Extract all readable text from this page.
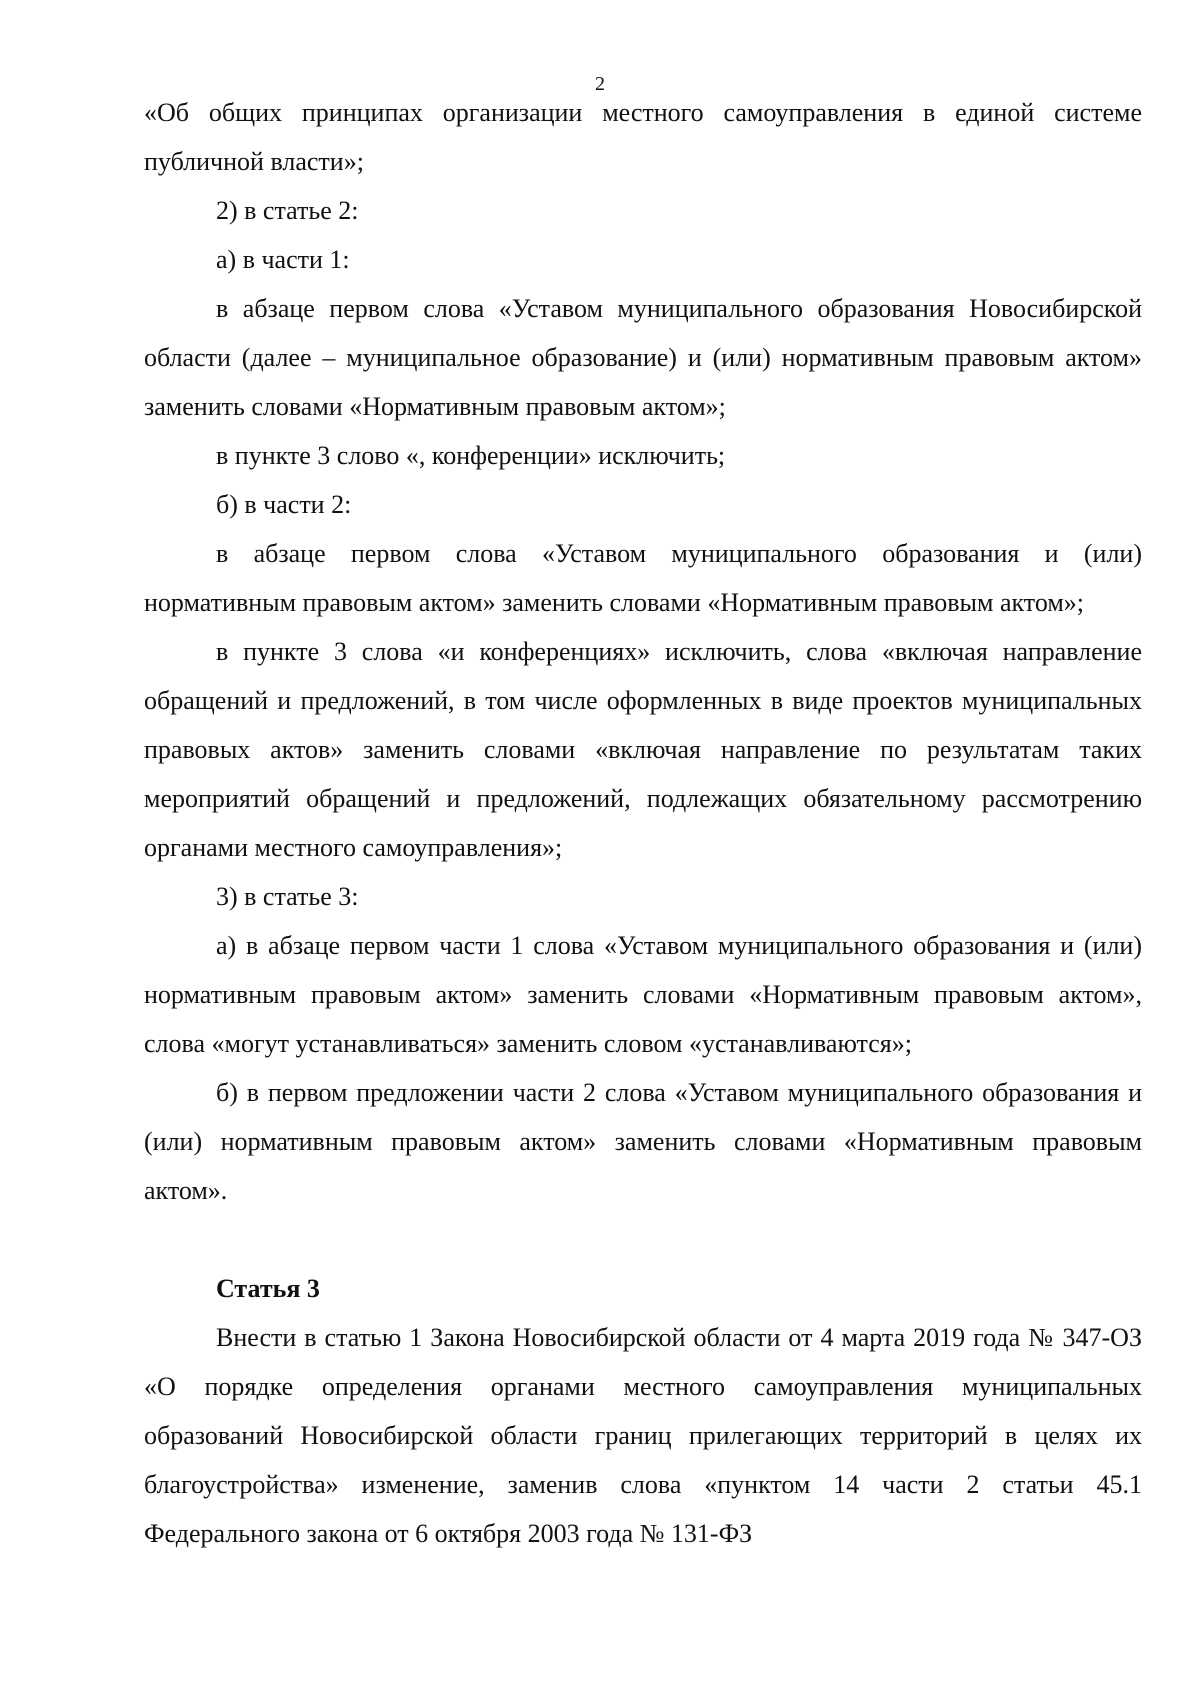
2

«Об общих принципах организации местного самоуправления в единой системе публичной власти»;

2) в статье 2:

а) в части 1:

в абзаце первом слова «Уставом муниципального образования Новосибирской области (далее – муниципальное образование) и (или) нормативным правовым актом» заменить словами «Нормативным правовым актом»;

в пункте 3 слово «, конференции» исключить;

б) в части 2:

в абзаце первом слова «Уставом муниципального образования и (или) нормативным правовым актом» заменить словами «Нормативным правовым актом»;

в пункте 3 слова «и конференциях» исключить, слова «включая направление обращений и предложений, в том числе оформленных в виде проектов муниципальных правовых актов» заменить словами «включая направление по результатам таких мероприятий обращений и предложений, подлежащих обязательному рассмотрению органами местного самоуправления»;

3) в статье 3:

а) в абзаце первом части 1 слова «Уставом муниципального образования и (или) нормативным правовым актом» заменить словами «Нормативным правовым актом», слова «могут устанавливаться» заменить словом «устанавливаются»;

б) в первом предложении части 2 слова «Уставом муниципального образования и (или) нормативным правовым актом» заменить словами «Нормативным правовым актом».

Статья 3

Внести в статью 1 Закона Новосибирской области от 4 марта 2019 года № 347-ОЗ «О порядке определения органами местного самоуправления муниципальных образований Новосибирской области границ прилегающих территорий в целях их благоустройства» изменение, заменив слова «пунктом 14 части 2 статьи 45.1 Федерального закона от 6 октября 2003 года № 131-ФЗ
